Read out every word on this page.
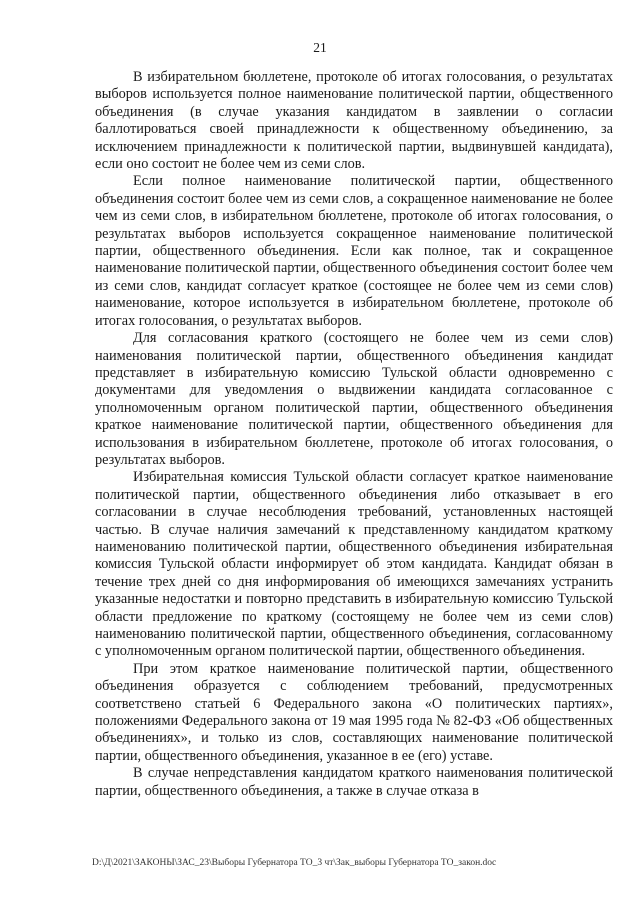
21

В избирательном бюллетене, протоколе об итогах голосования, о результатах выборов используется полное наименование политической партии, общественного объединения (в случае указания кандидатом в заявлении о согласии баллотироваться своей принадлежности к общественному объединению, за исключением принадлежности к политической партии, выдвинувшей кандидата), если оно состоит не более чем из семи слов.

Если полное наименование политической партии, общественного объединения состоит более чем из семи слов, а сокращенное наименование не более чем из семи слов, в избирательном бюллетене, протоколе об итогах голосования, о результатах выборов используется сокращенное наименование политической партии, общественного объединения. Если как полное, так и сокращенное наименование политической партии, общественного объединения состоит более чем из семи слов, кандидат согласует краткое (состоящее не более чем из семи слов) наименование, которое используется в избирательном бюллетене, протоколе об итогах голосования, о результатах выборов.

Для согласования краткого (состоящего не более чем из семи слов) наименования политической партии, общественного объединения кандидат представляет в избирательную комиссию Тульской области одновременно с документами для уведомления о выдвижении кандидата согласованное с уполномоченным органом политической партии, общественного объединения краткое наименование политической партии, общественного объединения для использования в избирательном бюллетене, протоколе об итогах голосования, о результатах выборов.

Избирательная комиссия Тульской области согласует краткое наименование политической партии, общественного объединения либо отказывает в его согласовании в случае несоблюдения требований, установленных настоящей частью. В случае наличия замечаний к представленному кандидатом краткому наименованию политической партии, общественного объединения избирательная комиссия Тульской области информирует об этом кандидата. Кандидат обязан в течение трех дней со дня информирования об имеющихся замечаниях устранить указанные недостатки и повторно представить в избирательную комиссию Тульской области предложение по краткому (состоящему не более чем из семи слов) наименованию политической партии, общественного объединения, согласованному с уполномоченным органом политической партии, общественного объединения.

При этом краткое наименование политической партии, общественного объединения образуется с соблюдением требований, предусмотренных соответствено статьей 6 Федерального закона «О политических партиях», положениями Федерального закона от 19 мая 1995 года № 82-ФЗ «Об общественных объединениях», и только из слов, составляющих наименование политической партии, общественного объединения, указанное в ее (его) уставе.

В случае непредставления кандидатом краткого наименования политической партии, общественного объединения, а также в случае отказа в

D:\Д\2021\ЗАКОНЫ\ЗАС_23\Выборы Губернатора ТО_3 чт\Зак_выборы Губернатора ТО_закон.doc
